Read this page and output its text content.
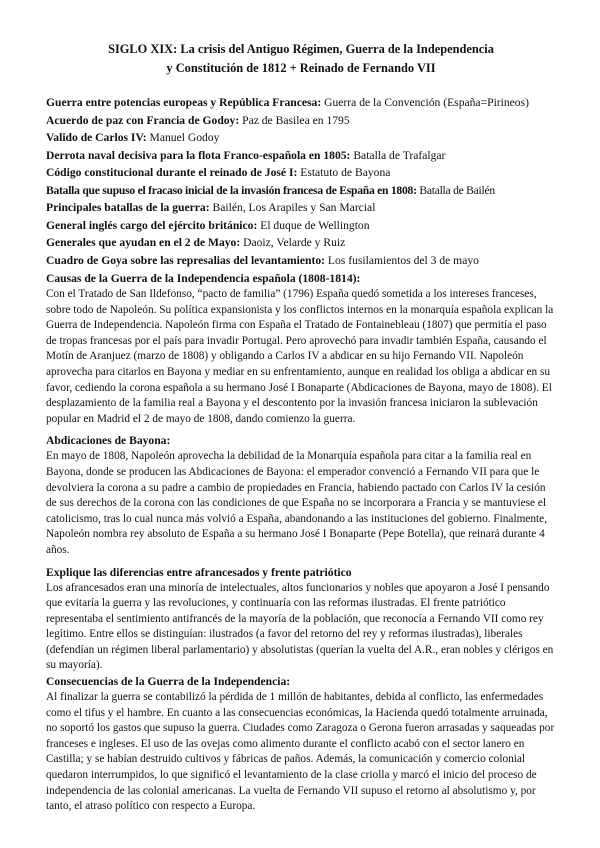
SIGLO XIX: La crisis del Antiguo Régimen, Guerra de la Independencia
y Constitución de 1812 + Reinado de Fernando VII
Guerra entre potencias europeas y República Francesa: Guerra de la Convención (España=Pirineos)
Acuerdo de paz con Francia de Godoy: Paz de Basilea en 1795
Valido de Carlos IV: Manuel Godoy
Derrota naval decisiva para la flota Franco-española en 1805: Batalla de Trafalgar
Código constitucional durante el reinado de José I: Estatuto de Bayona
Batalla que supuso el fracaso inicial de la invasión francesa de España en 1808: Batalla de Bailén
Principales batallas de la guerra: Bailén, Los Arapiles y San Marcial
General inglés cargo del ejército británico: El duque de Wellington
Generales que ayudan en el 2 de Mayo: Daoiz, Velarde y Ruiz
Cuadro de Goya sobre las represalias del levantamiento: Los fusilamientos del 3 de mayo
Causas de la Guerra de la Independencia española (1808-1814):
Con el Tratado de San Ildefonso, “pacto de familia” (1796) España quedó sometida a los intereses franceses, sobre todo de Napoleón. Su política expansionista y los conflictos internos en la monarquía española explican la Guerra de Independencia. Napoleón firma con España el Tratado de Fontainebleau (1807) que permitía el paso de tropas francesas por el país para invadir Portugal. Pero aprovechó para invadir también España, causando el Motín de Aranjuez (marzo de 1808) y obligando a Carlos IV a abdicar en su hijo Fernando VII. Napoleón aprovecha para citarlos en Bayona y mediar en su enfrentamiento, aunque en realidad los obliga a abdicar en su favor, cediendo la corona española a su hermano José I Bonaparte (Abdicaciones de Bayona, mayo de 1808). El desplazamiento de la familia real a Bayona y el descontento por la invasión francesa iniciaron la sublevación popular en Madrid el 2 de mayo de 1808, dando comienzo la guerra.
Abdicaciones de Bayona:
En mayo de 1808, Napoleón aprovecha la debilidad de la Monarquía española para citar a la familia real en Bayona, donde se producen las Abdicaciones de Bayona: el emperador convenció a Fernando VII para que le devolviera la corona a su padre a cambio de propiedades en Francia, habiendo pactado con Carlos IV la cesión de sus derechos de la corona con las condiciones de que España no se incorporara a Francia y se mantuviese el catolicismo, tras lo cual nunca más volvió a España, abandonando a las instituciones del gobierno. Finalmente, Napoleón nombra rey absoluto de España a su hermano José I Bonaparte (Pepe Botella), que reinará durante 4 años.
Explique las diferencias entre afrancesados y frente patriótico
Los afrancesados eran una minoría de intelectuales, altos funcionarios y nobles que apoyaron a José I pensando que evitaría la guerra y las revoluciones, y continuaría con las reformas ilustradas. El frente patriótico representaba el sentimiento antifrancés de la mayoría de la población, que reconocía a Fernando VII como rey legítimo. Entre ellos se distinguían: ilustrados (a favor del retorno del rey y reformas ilustradas), liberales (defendían un régimen liberal parlamentario) y absolutistas (querían la vuelta del A.R., eran nobles y clérigos en su mayoría).
Consecuencias de la Guerra de la Independencia:
Al finalizar la guerra se contabilizó la pérdida de 1 millón de habitantes, debida al conflicto, las enfermedades como el tifus y el hambre. En cuanto a las consecuencias económicas, la Hacienda quedó totalmente arruinada, no soportó los gastos que supuso la guerra. Ciudades como Zaragoza o Gerona fueron arrasadas y saqueadas por franceses e ingleses. El uso de las ovejas como alimento durante el conflicto acabó con el sector lanero en Castilla; y se habían destruido cultivos y fábricas de paños. Además, la comunicación y comercio colonial quedaron interrumpidos, lo que significó el levantamiento de la clase criolla y marcó el inicio del proceso de independencia de las colonial americanas. La vuelta de Fernando VII supuso el retorno al absolutismo y, por tanto, el atraso político con respecto a Europa.
